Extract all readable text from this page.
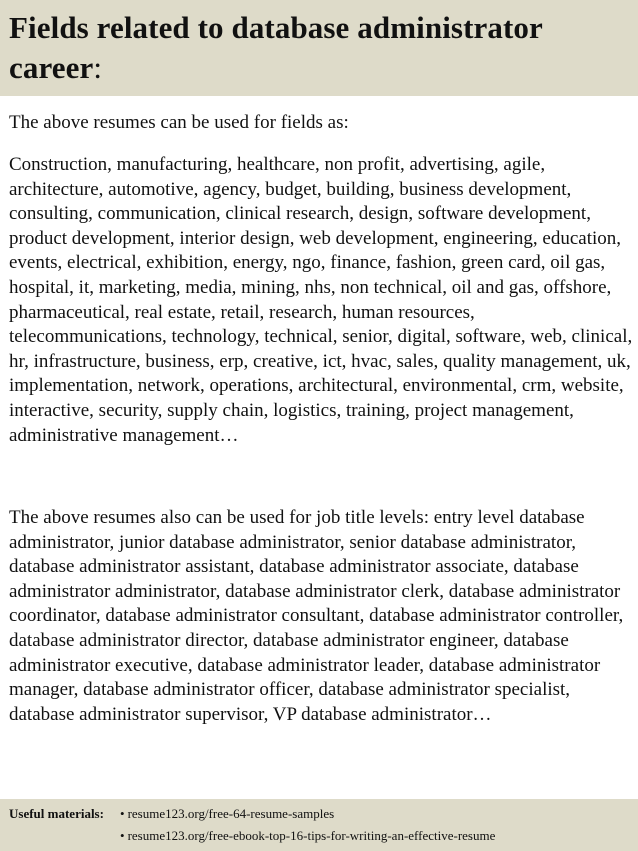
Fields related to database administrator career:

The above resumes can be used for fields as:

Construction, manufacturing, healthcare, non profit, advertising, agile, architecture, automotive, agency, budget, building, business development, consulting, communication, clinical research, design, software development, product development, interior design, web development, engineering, education, events, electrical, exhibition, energy, ngo, finance, fashion, green card, oil gas, hospital, it, marketing, media, mining, nhs, non technical, oil and gas, offshore, pharmaceutical, real estate, retail, research, human resources, telecommunications, technology, technical, senior, digital, software, web, clinical, hr, infrastructure, business, erp, creative, ict, hvac, sales, quality management, uk, implementation, network, operations, architectural, environmental, crm, website, interactive, security, supply chain, logistics, training, project management, administrative management…

The above resumes also can be used for job title levels: entry level database administrator, junior database administrator, senior database administrator, database administrator assistant, database administrator associate, database administrator administrator, database administrator clerk, database administrator coordinator, database administrator consultant, database administrator controller, database administrator director, database administrator engineer, database administrator executive, database administrator leader, database administrator manager, database administrator officer, database administrator specialist, database administrator supervisor, VP database administrator…

Useful materials: • resume123.org/free-64-resume-samples
• resume123.org/free-ebook-top-16-tips-for-writing-an-effective-resume
